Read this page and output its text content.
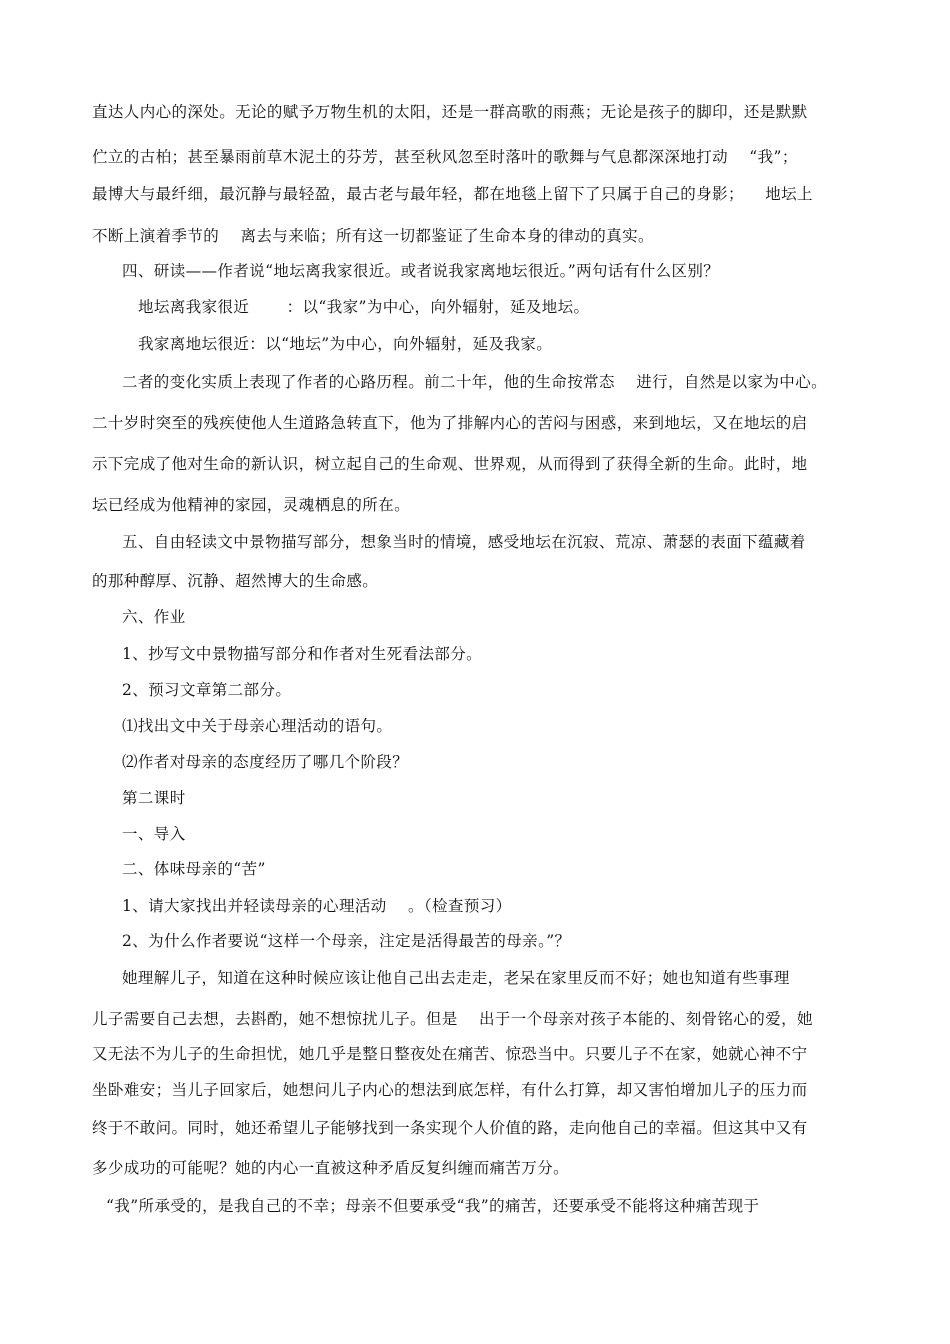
直达人内心的深处。无论的赋予万物生机的太阳，还是一群高歌的雨燕；无论是孩子的脚印，还是默默
伫立的古柏；甚至暴雨前草木泥土的芬芳，甚至秋风忽至时落叶的歌舞与气息都深深地打动    “我”；
最博大与最纤细，最沉静与最轻盈，最古老与最年轻，都在地毯上留下了只属于自己的身影；    地坛上
不断上演着季节的    离去与来临；所有这一切都鉴证了生命本身的律动的真实。
四、研读——作者说“地坛离我家很近。或者说我家离地坛很近。”两句话有什么区别？
地坛离我家很近       ：以“我家”为中心，向外辐射，延及地坛。
我家离地坛很近：以“地坛”为中心，向外辐射，延及我家。
二者的变化实质上表现了作者的心路历程。前二十年，他的生命按常态    进行，自然是以家为中心。
二十岁时突至的残疾使他人生道路急转直下，他为了排解内心的苦闷与困惑，来到地坛，又在地坛的启
示下完成了他对生命的新认识，树立起自己的生命观、世界观，从而得到了获得全新的生命。此时，地
坛已经成为他精神的家园，灵魂栖息的所在。
五、自由轻读文中景物描写部分，想象当时的情境，感受地坛在沉寂、荒凉、萧瑟的表面下蕴藏着
的那种醇厚、沉静、超然博大的生命感。
六、作业
1、抄写文中景物描写部分和作者对生死看法部分。
2、预习文章第二部分。
⑴找出文中关于母亲心理活动的语句。
⑵作者对母亲的态度经历了哪几个阶段？
第二课时
一、导入
二、体味母亲的“苦”
1、请大家找出并轻读母亲的心理活动    。（检查预习）
2、为什么作者要说“这样一个母亲，注定是活得最苦的母亲。”？
她理解儿子，知道在这种时候应该让他自己出去走走，老呆在家里反而不好；她也知道有些事理
儿子需要自己去想，去斟酌，她不想惊扰儿子。但是    出于一个母亲对孩子本能的、刻骨铭心的爱，她
又无法不为儿子的生命担忧，她几乎是整日整夜处在痛苦、惊恐当中。只要儿子不在家，她就心神不宁
坐卧难安；当儿子回家后，她想问儿子内心的想法到底怎样，有什么打算，却又害怕增加儿子的压力而
终于不敢问。同时，她还希望儿子能够找到一条实现个人价值的路，走向他自己的幸福。但这其中又有
多少成功的可能呢？她的内心一直被这种矛盾反复纠缠而痛苦万分。
“我”所承受的，是我自己的不幸；母亲不但要承受“我”的痛苦，还要承受不能将这种痛苦现于
